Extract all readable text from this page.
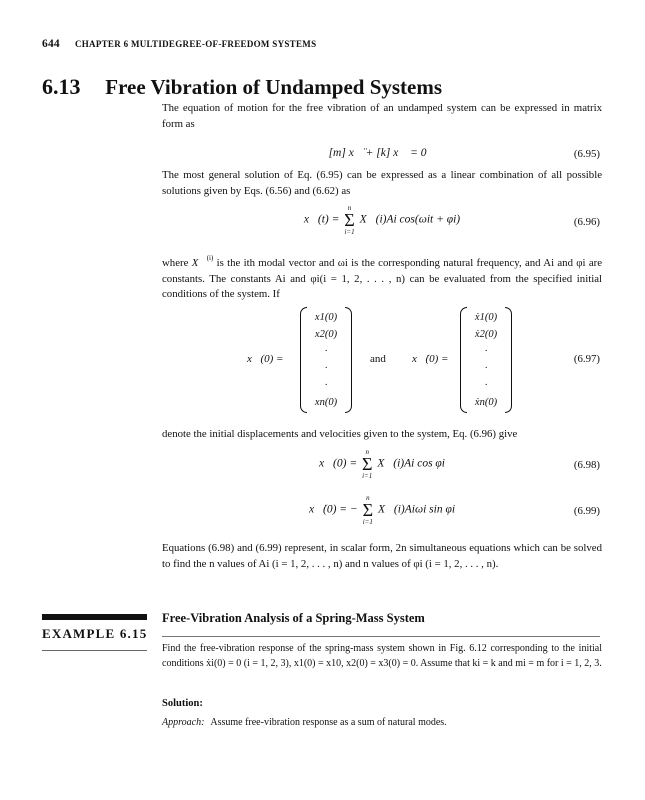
644 CHAPTER 6 MULTIDEGREE-OF-FREEDOM SYSTEMS
6.13 Free Vibration of Undamped Systems
The equation of motion for the free vibration of an undamped system can be expressed in matrix form as
[m] x⃗̈ + [k] x⃗ = 0⃗	(6.95)
The most general solution of Eq. (6.95) can be expressed as a linear combination of all possible solutions given by Eqs. (6.56) and (6.62) as
x⃗(t) =
n
Σ
i=1
X⃗(i)Ai cos(ωit + φi)	(6.96)
where X⃗$^{(i)}$ is the ith modal vector and ωi is the corresponding natural frequency, and Ai and φi are constants. The constants Ai and φi(i = 1, 2, . . . , n) can be evaluated from the specified initial conditions of the system. If
x⃗(0) =
x1(0)
x2(0)
·
·
·
xn(0)
and x⃗̇(0) =
ẋ1(0)
ẋ2(0)
·
·
·
ẋn(0)
(6.97)
denote the initial displacements and velocities given to the system, Eq. (6.96) give
x⃗(0) =
n
Σ
i=1
X⃗(i)Ai cos φi	(6.98)
x⃗̇(0) = −
n
Σ
i=1
X⃗(i)Aiωi sin φi	(6.99)
Equations (6.98) and (6.99) represent, in scalar form, 2n simultaneous equations which can be solved to find the n values of Ai (i = 1, 2, . . . , n) and n values of φi (i = 1, 2, . . . , n).
EXAMPLE 6.15
Free-Vibration Analysis of a Spring-Mass System
Find the free-vibration response of the spring-mass system shown in Fig. 6.12 corresponding to the initial conditions ẋi(0) = 0 (i = 1, 2, 3), x1(0) = x10, x2(0) = x3(0) = 0. Assume that ki = k and mi = m for i = 1, 2, 3.
Solution:
Approach: Assume free-vibration response as a sum of natural modes.
